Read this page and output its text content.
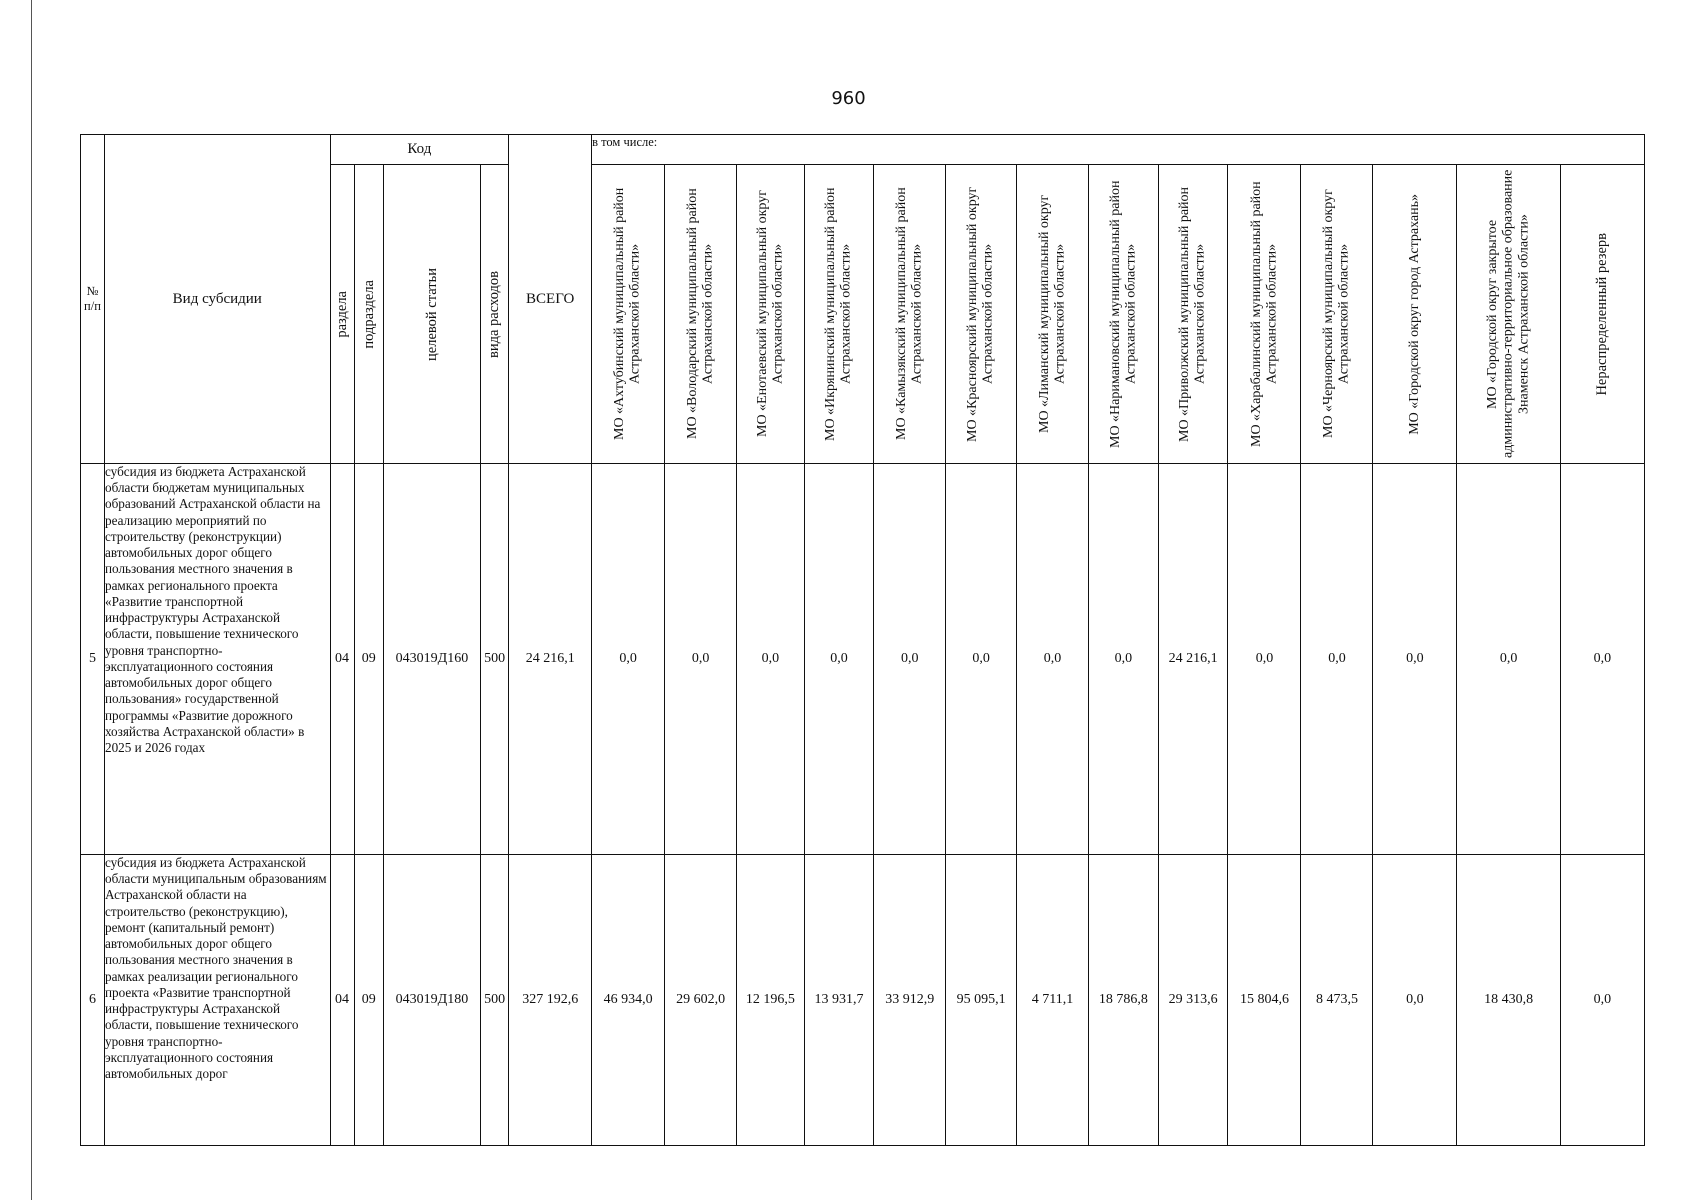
960
№ п/п	Вид субсидии	Код				ВСЕГО	в том числе:													

		раздела	подраздела	целевой статьи	вида расходов		МО «Ахтубинский муниципальный район Астраханской области»	МО «Володарский муниципальный район Астраханской области»	МО «Енотаевский муниципальный округ Астраханской области»	МО «Икрянинский муниципальный район Астраханской области»	МО «Камызякский муниципальный район Астраханской области»	МО «Красноярский муниципальный округ Астраханской области»	МО «Лиманский муниципальный округ Астраханской области»	МО «Наримановский муниципальный район Астраханской области»	МО «Приволжский муниципальный район Астраханской области»	МО «Харабалинский муниципальный район Астраханской области»	МО «Черноярский муниципальный округ Астраханской области»	МО «Городской округ город Астрахань»	МО «Городской округ закрытое административно-территориальное образование Знаменск Астраханской области»	Нераспределенный резерв

5	субсидия из бюджета Астраханской области бюджетам муниципальных образований Астраханской области на реализацию мероприятий по строительству (реконструкции) автомобильных дорог общего пользования местного значения в рамках регионального проекта «Развитие транспортной инфраструктуры Астраханской области, повышение технического уровня транспортно-эксплуатационного состояния автомобильных дорог общего пользования» государственной программы «Развитие дорожного хозяйства Астраханской области» в 2025 и 2026 годах	04	09	043019Д160	500	24 216,1	0,0	0,0	0,0	0,0	0,0	0,0	0,0	0,0	24 216,1	0,0	0,0	0,0	0,0	0,0
6	субсидия из бюджета Астраханской области муниципальным образованиям Астраханской области на строительство (реконструкцию), ремонт (капитальный ремонт) автомобильных дорог общего пользования местного значения в рамках реализации регионального проекта «Развитие транспортной инфраструктуры Астраханской области, повышение технического уровня транспортно-эксплуатационного состояния автомобильных дорог	04	09	043019Д180	500	327 192,6	46 934,0	29 602,0	12 196,5	13 931,7	33 912,9	95 095,1	4 711,1	18 786,8	29 313,6	15 804,6	8 473,5	0,0	18 430,8	0,0
